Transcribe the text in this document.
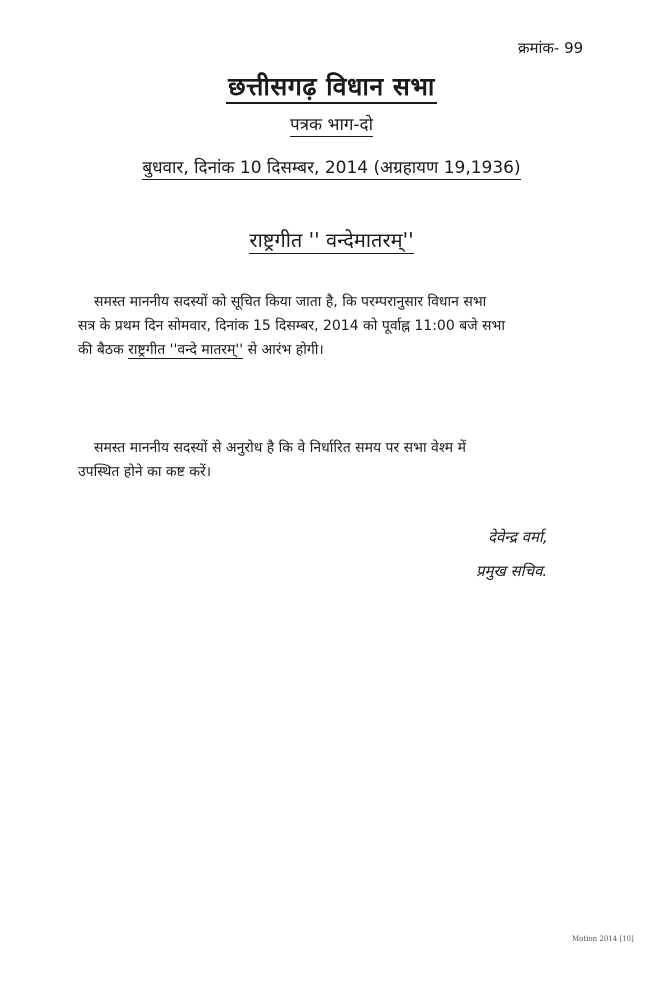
क्रमांक- 99
छत्तीसगढ़ विधान सभा
पत्रक भाग-दो
बुधवार, दिनांक 10 दिसम्बर, 2014 (अग्रहायण 19,1936)
राष्ट्रगीत '' वन्देमातरम्''
समस्त माननीय सदस्यों को सूचित किया जाता है, कि परम्परानुसार विधान सभा
सत्र के प्रथम दिन सोमवार, दिनांक 15 दिसम्बर, 2014 को पूर्वाह्न 11:00 बजे सभा
की बैठक राष्ट्रगीत ''वन्दे मातरम्'' से आरंभ होगी।
समस्त माननीय सदस्यों से अनुरोध है कि वे निर्धारित समय पर सभा वेश्म में
उपस्थित होने का कष्ट करें।
देवेन्द्र वर्मा,
प्रमुख सचिव.
Motion 2014 [10]
